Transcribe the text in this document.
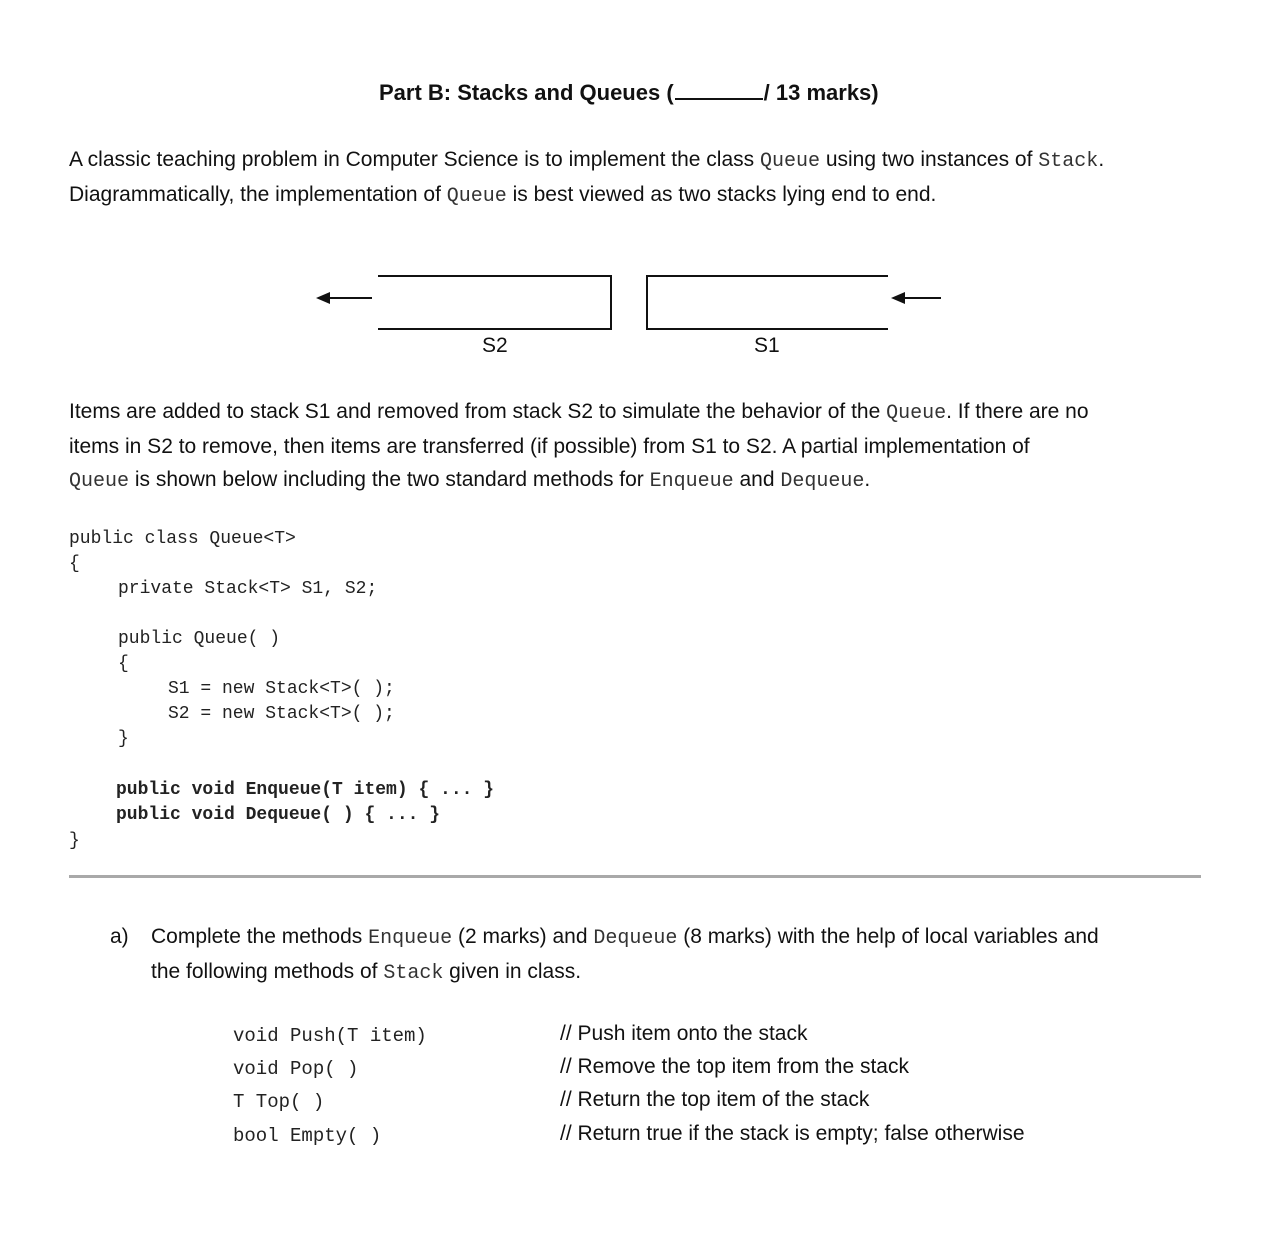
Part B: Stacks and Queues (	/ 13 marks)
A classic teaching problem in Computer Science is to implement the class Queue using two instances of Stack.
Diagrammatically, the implementation of Queue is best viewed as two stacks lying end to end.
S2	S1
Items are added to stack S1 and removed from stack S2 to simulate the behavior of the Queue. If there are no
items in S2 to remove, then items are transferred (if possible) from S1 to S2. A partial implementation of
Queue is shown below including the two standard methods for Enqueue and Dequeue.
public class Queue<T>
{
private Stack<T> S1, S2;
public Queue( )
{
S1 = new Stack<T>( );
S2 = new Stack<T>( );
}
public void Enqueue(T item) { ... }
public void Dequeue( ) { ... }
}
a) Complete the methods Enqueue (2 marks) and Dequeue (8 marks) with the help of local variables and
the following methods of Stack given in class.
void Push(T item)	// Push item onto the stack
void Pop( )	// Remove the top item from the stack
T Top( )	// Return the top item of the stack
bool Empty( )	// Return true if the stack is empty; false otherwise
